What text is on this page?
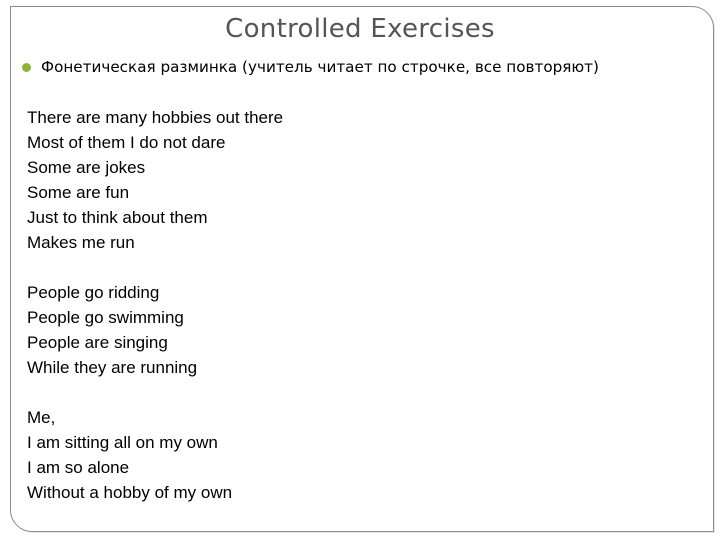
Controlled Exercises
Фонетическая разминка (учитель читает по строчке, все повторяют)
There are many hobbies out there
Most of them I do not dare
Some are jokes
Some are fun
Just to think about them
Makes me run
People go ridding
People go swimming
People are singing
While they are running
Me,
I am sitting all on my own
I am so alone
Without a hobby of my own
